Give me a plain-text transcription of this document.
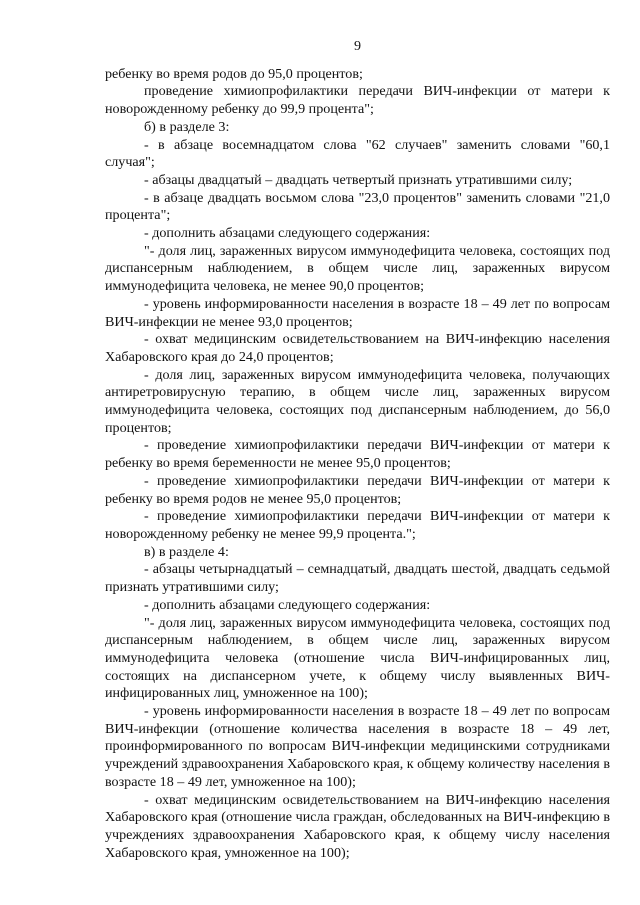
9

ребенку во время родов до 95,0 процентов;

проведение химиопрофилактики передачи ВИЧ-инфекции от матери к новорожденному ребенку до 99,9 процента";

б) в разделе 3:

- в абзаце восемнадцатом слова "62 случаев" заменить словами "60,1 случая";

- абзацы двадцатый – двадцать четвертый признать утратившими силу;

- в абзаце двадцать восьмом слова "23,0 процентов" заменить словами "21,0 процента";

- дополнить абзацами следующего содержания:

"- доля лиц, зараженных вирусом иммунодефицита человека, состоящих под диспансерным наблюдением, в общем числе лиц, зараженных вирусом иммунодефицита человека, не менее 90,0 процентов;

- уровень информированности населения в возрасте 18 – 49 лет по вопросам ВИЧ-инфекции не менее 93,0 процентов;

- охват медицинским освидетельствованием на ВИЧ-инфекцию населения Хабаровского края до 24,0 процентов;

- доля лиц, зараженных вирусом иммунодефицита человека, получающих антиретровирусную терапию, в общем числе лиц, зараженных вирусом иммунодефицита человека, состоящих под диспансерным наблюдением, до 56,0 процентов;

- проведение химиопрофилактики передачи ВИЧ-инфекции от матери к ребенку во время беременности не менее 95,0 процентов;

- проведение химиопрофилактики передачи ВИЧ-инфекции от матери к ребенку во время родов не менее 95,0 процентов;

- проведение химиопрофилактики передачи ВИЧ-инфекции от матери к новорожденному ребенку не менее 99,9 процента.";

в) в разделе 4:

- абзацы четырнадцатый – семнадцатый, двадцать шестой, двадцать седьмой признать утратившими силу;

- дополнить абзацами следующего содержания:

"- доля лиц, зараженных вирусом иммунодефицита человека, состоящих под диспансерным наблюдением, в общем числе лиц, зараженных вирусом иммунодефицита человека (отношение числа ВИЧ-инфицированных лиц, состоящих на диспансерном учете, к общему числу выявленных ВИЧ-инфицированных лиц, умноженное на 100);

- уровень информированности населения в возрасте 18 – 49 лет по вопросам ВИЧ-инфекции (отношение количества населения в возрасте 18 – 49 лет, проинформированного по вопросам ВИЧ-инфекции медицинскими сотрудниками учреждений здравоохранения Хабаровского края, к общему количеству населения в возрасте 18 – 49 лет, умноженное на 100);

- охват медицинским освидетельствованием на ВИЧ-инфекцию населения Хабаровского края (отношение числа граждан, обследованных на ВИЧ-инфекцию в учреждениях здравоохранения Хабаровского края, к общему числу населения Хабаровского края, умноженное на 100);
